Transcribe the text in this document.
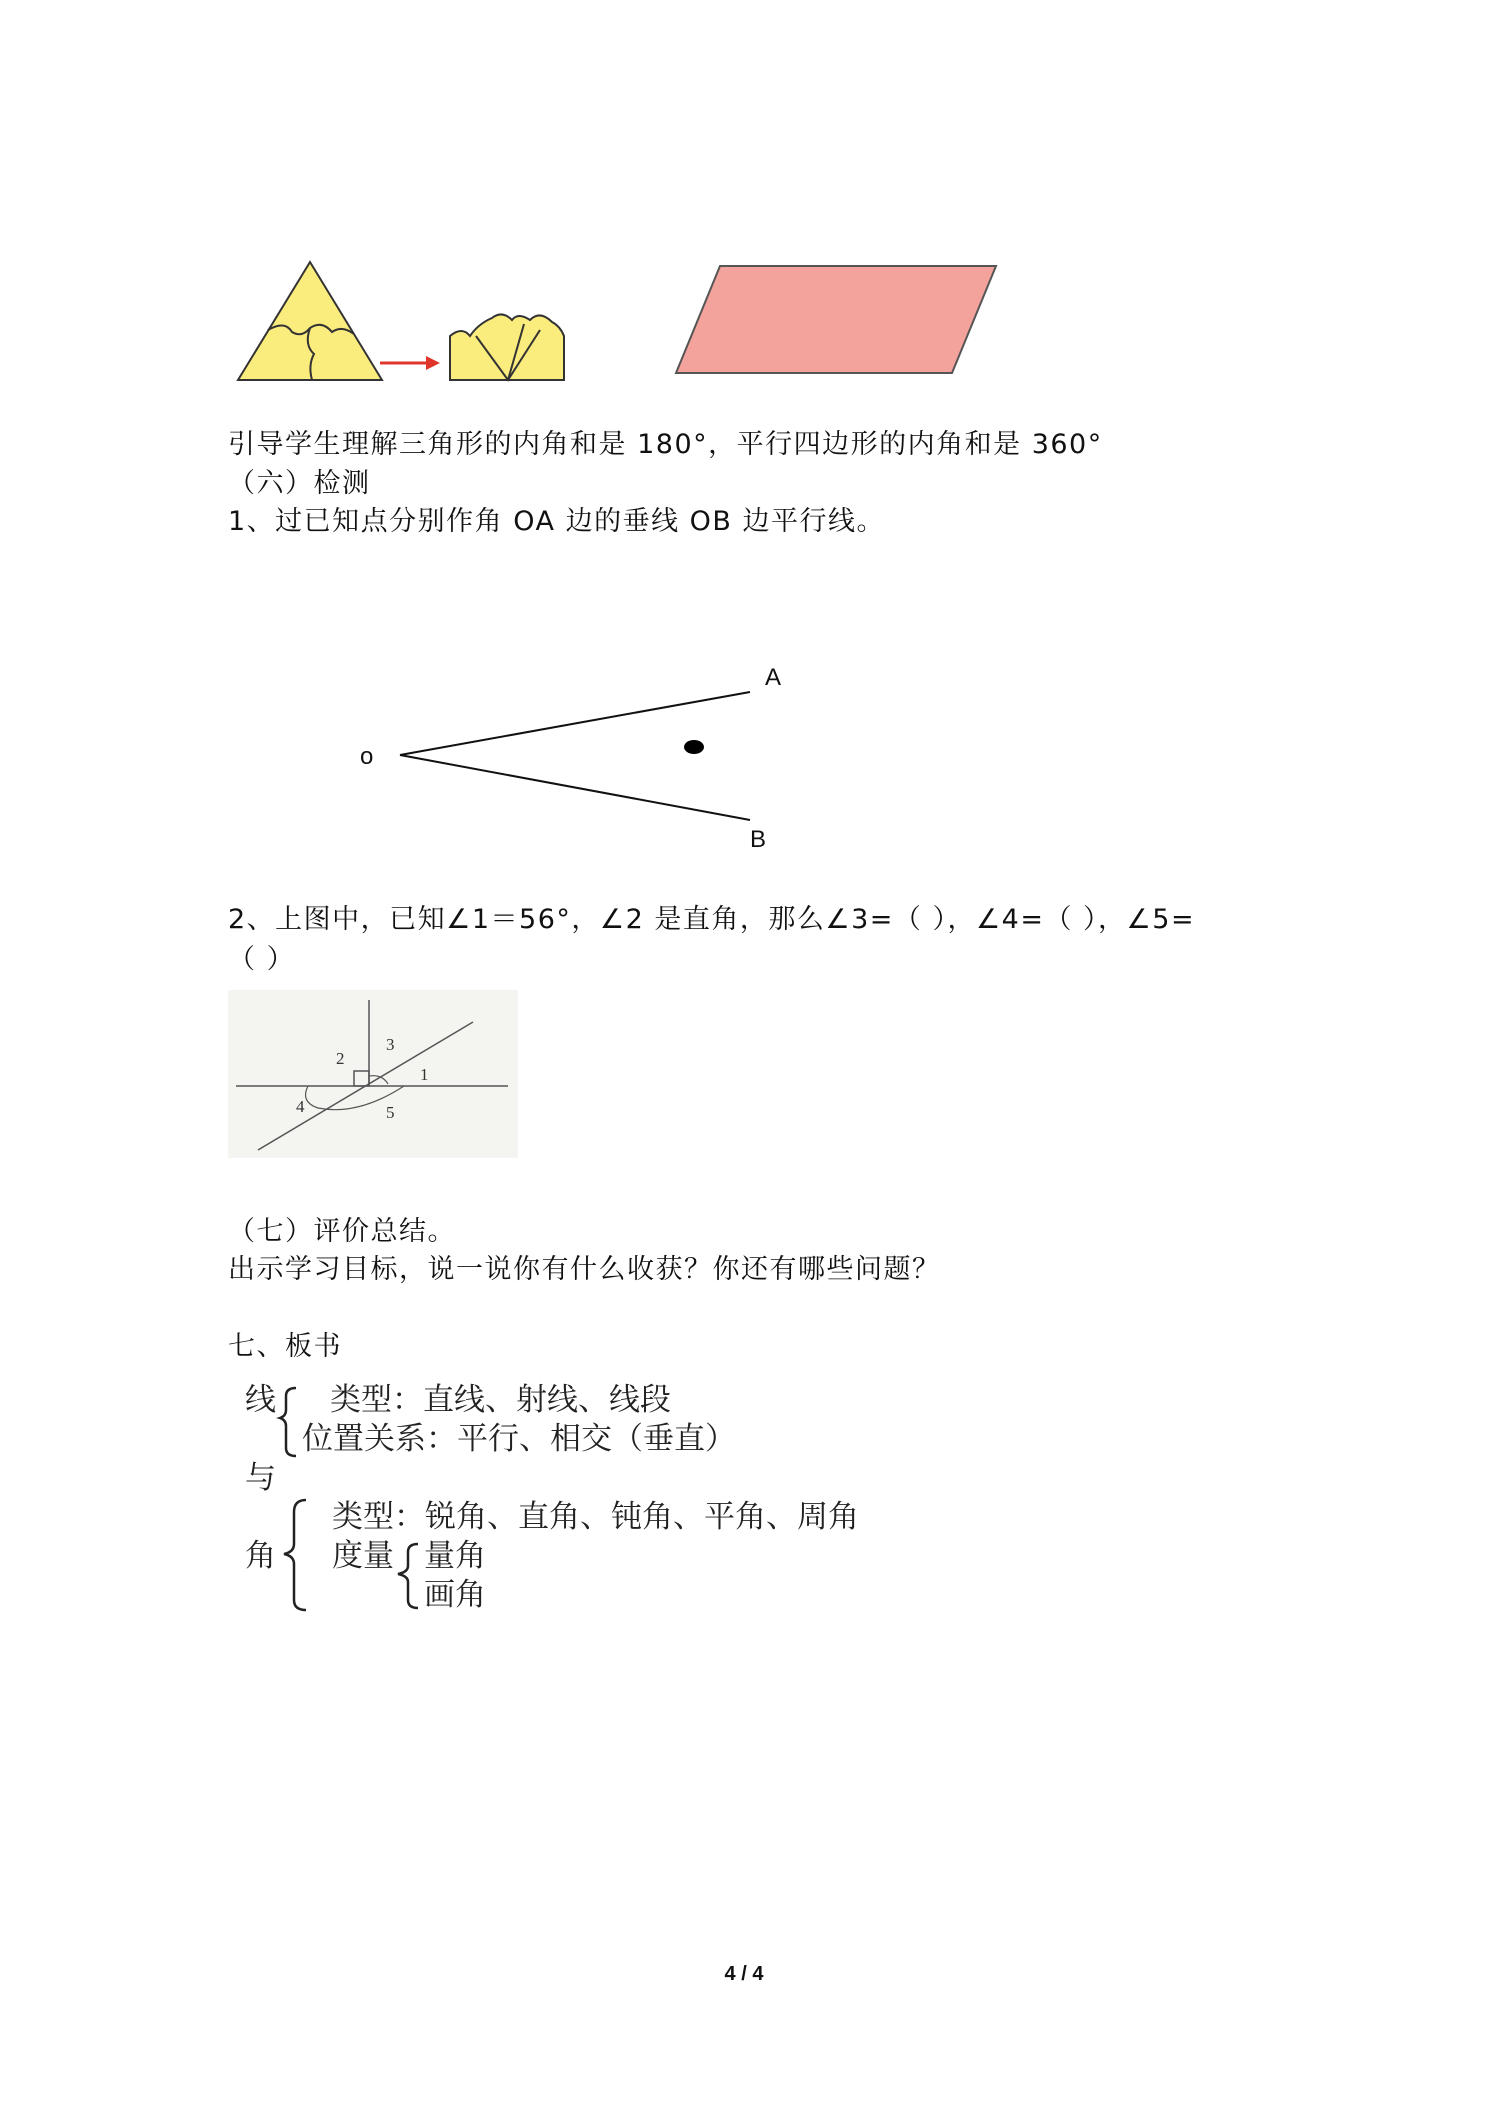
引导学生理解三角形的内角和是 180°，平行四边形的内角和是 360°
（六）检测
1、过已知点分别作角 OA 边的垂线 OB 边平行线。
o
A
B
2、上图中，已知∠1＝56°，∠2 是直角，那么∠3=（ ），∠4=（ ），∠5=
（ ）
1
2
3
4	5
（七）评价总结。
出示学习目标，说一说你有什么收获？你还有哪些问题？
七、板书
线 类型：直线、射线、线段
位置关系：平行、相交（垂直）
与
角
类型：锐角、直角、钝角、平角、周角
度量 量角
画角
4 / 4
